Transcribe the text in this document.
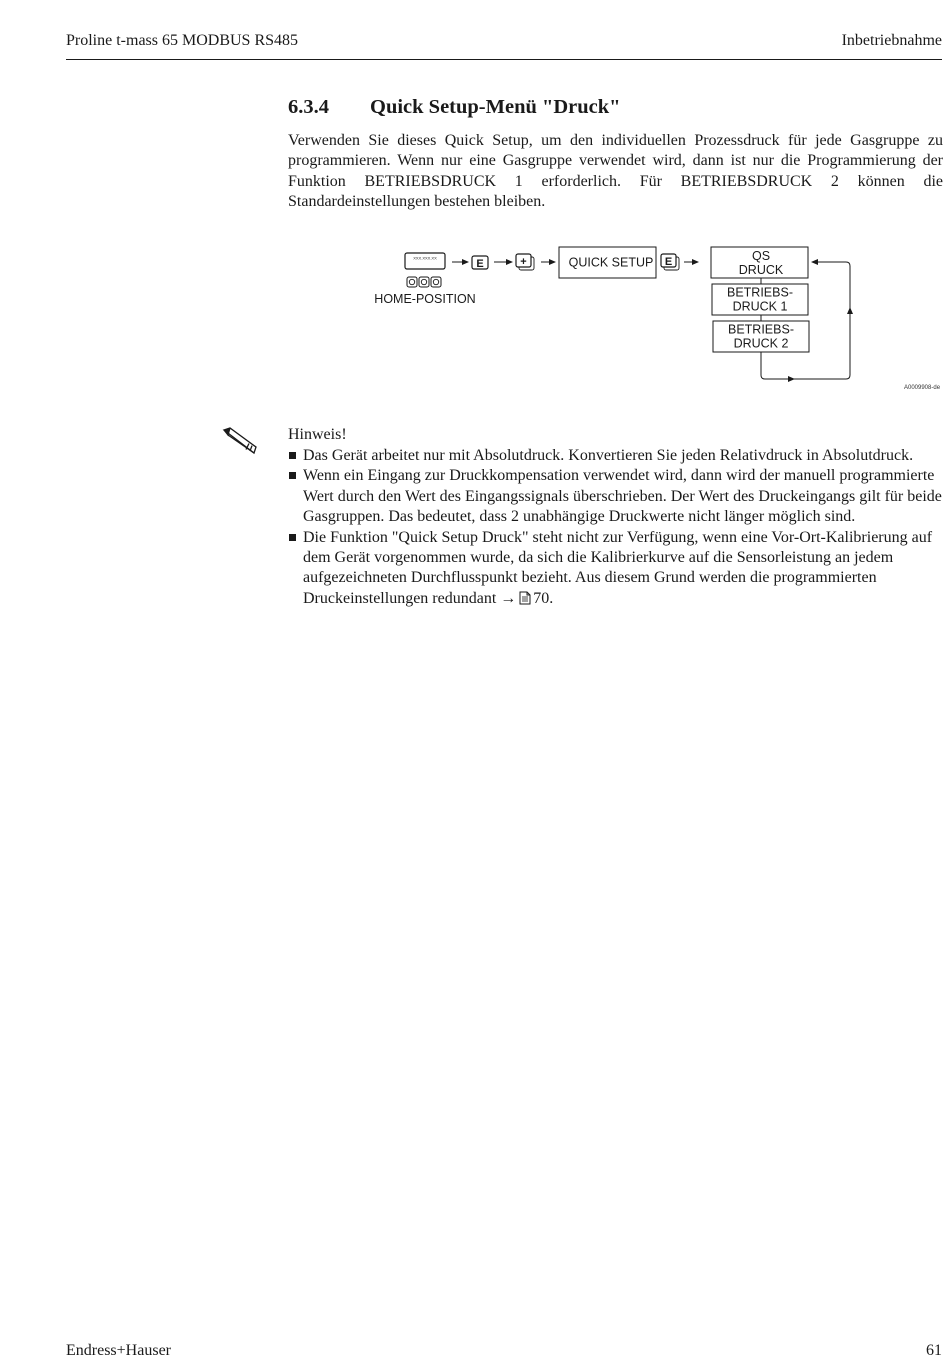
Proline t-mass 65 MODBUS RS485	Inbetriebnahme
6.3.4 Quick Setup-Menü "Druck"

Verwenden Sie dieses Quick Setup, um den individuellen Prozessdruck für jede Gasgruppe zu programmieren. Wenn nur eine Gasgruppe verwendet wird, dann ist nur die Programmierung der Funktion BETRIEBSDRUCK 1 erforderlich. Für BETRIEBSDRUCK 2 können die Standardeinstellungen bestehen bleiben.

XXX.XXX.XX
HOME-POSITION
E	+	QUICK SETUP E	QS
DRUCK
BETRIEBS-
DRUCK 1
BETRIEBS-
DRUCK 2
A0009908-de
Hinweis!
Das Gerät arbeitet nur mit Absolutdruck. Konvertieren Sie jeden Relativdruck in Absolutdruck.
Wenn ein Eingang zur Druckkompensation verwendet wird, dann wird der manuell programmierte Wert durch den Wert des Eingangssignals überschrieben. Der Wert des Druckeingangs gilt für beide Gasgruppen. Das bedeutet, dass 2 unabhängige Druckwerte nicht länger möglich sind.
Die Funktion "Quick Setup Druck" steht nicht zur Verfügung, wenn eine Vor-Ort-Kalibrierung auf dem Gerät vorgenommen wurde, da sich die Kalibrierkurve auf die Sensorleistung an jedem aufgezeichneten Durchflusspunkt bezieht. Aus diesem Grund werden die programmierten Druckeinstellungen redundant → 70.
Endress+Hauser	61
